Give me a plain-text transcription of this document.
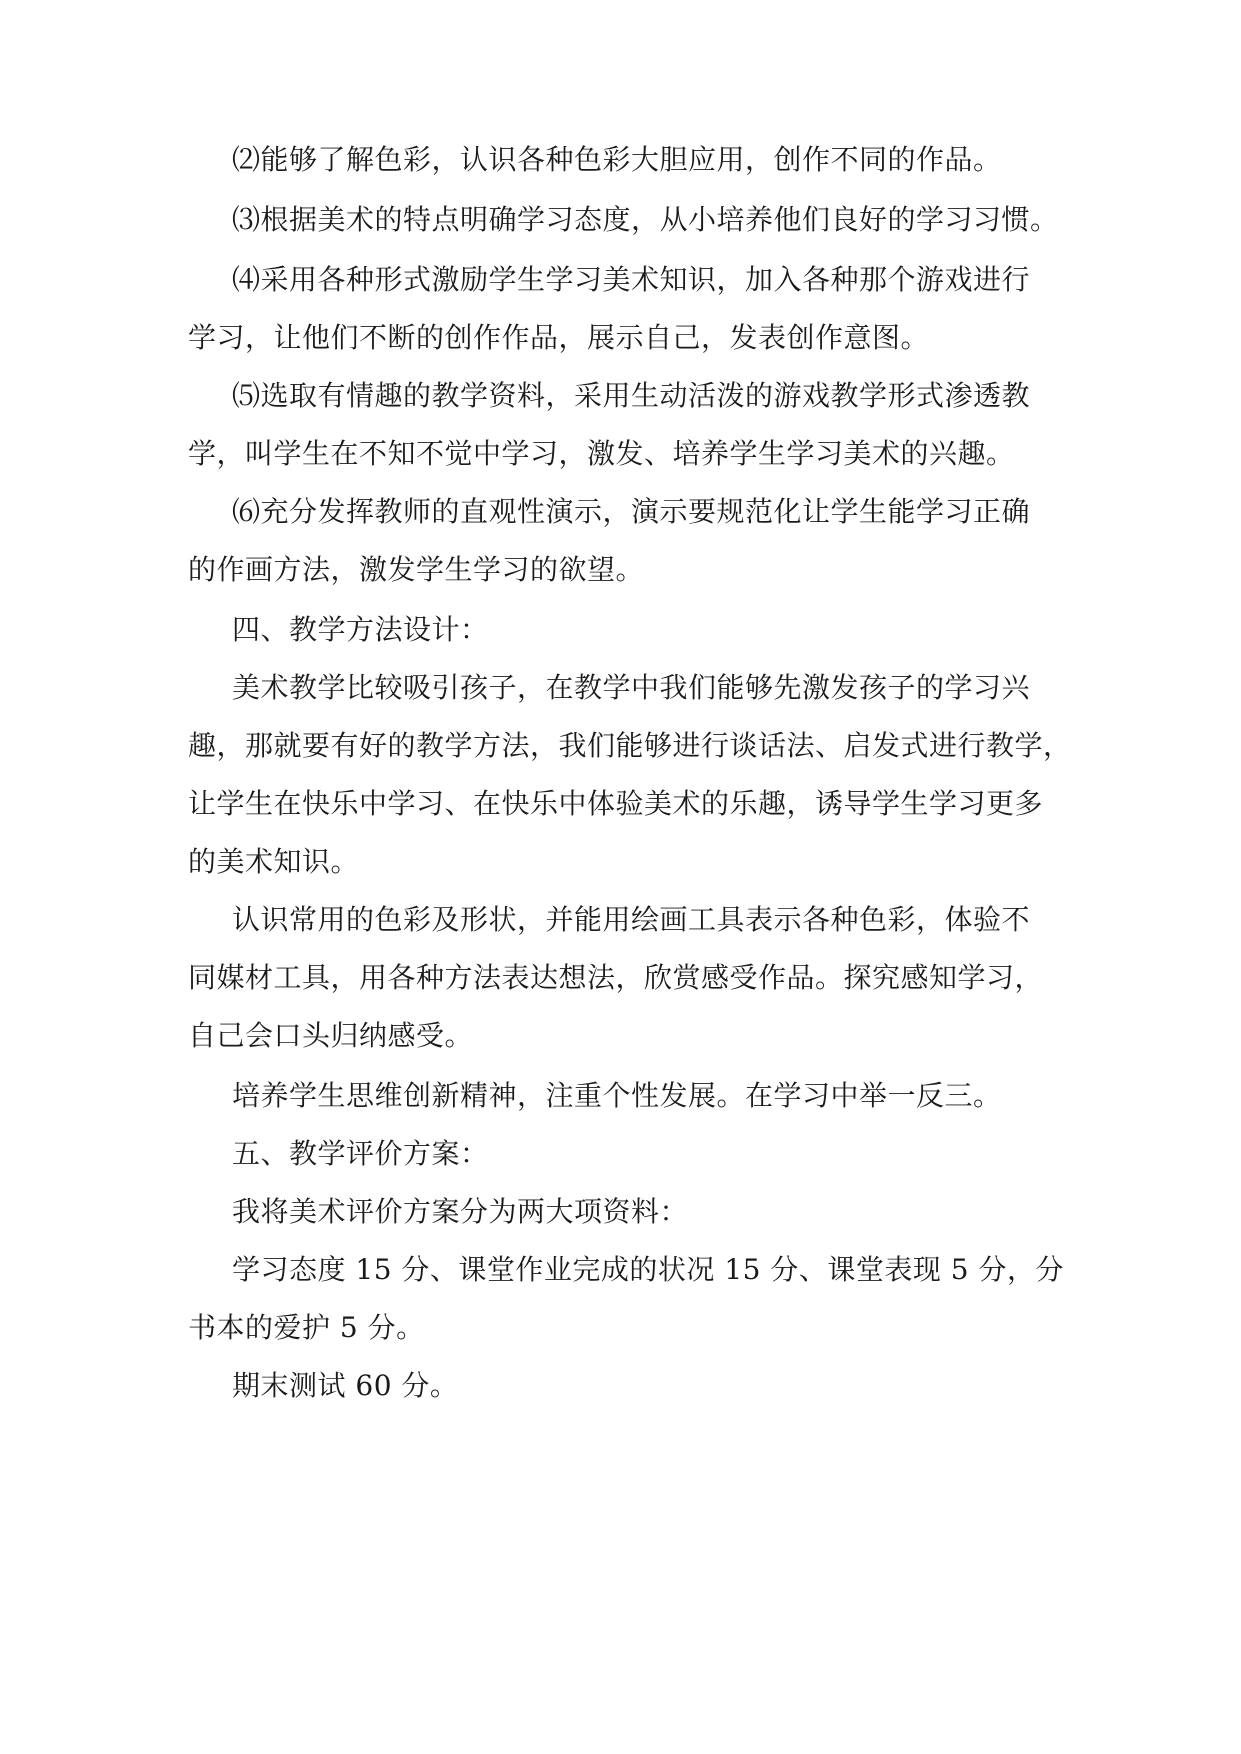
⑵能够了解色彩，认识各种色彩大胆应用，创作不同的作品。
⑶根据美术的特点明确学习态度，从小培养他们良好的学习习惯。
⑷采用各种形式激励学生学习美术知识，加入各种那个游戏进行
学习，让他们不断的创作作品，展示自己，发表创作意图。
⑸选取有情趣的教学资料，采用生动活泼的游戏教学形式渗透教
学，叫学生在不知不觉中学习，激发、培养学生学习美术的兴趣。
⑹充分发挥教师的直观性演示，演示要规范化让学生能学习正确
的作画方法，激发学生学习的欲望。
四、教学方法设计：
美术教学比较吸引孩子，在教学中我们能够先激发孩子的学习兴
趣，那就要有好的教学方法，我们能够进行谈话法、启发式进行教学，
让学生在快乐中学习、在快乐中体验美术的乐趣，诱导学生学习更多
的美术知识。
认识常用的色彩及形状，并能用绘画工具表示各种色彩，体验不
同媒材工具，用各种方法表达想法，欣赏感受作品。探究感知学习，
自己会口头归纳感受。
培养学生思维创新精神，注重个性发展。在学习中举一反三。
五、教学评价方案：
我将美术评价方案分为两大项资料：
学习态度 15 分、课堂作业完成的状况 15 分、课堂表现 5 分，分
书本的爱护 5 分。
期末测试 60 分。
